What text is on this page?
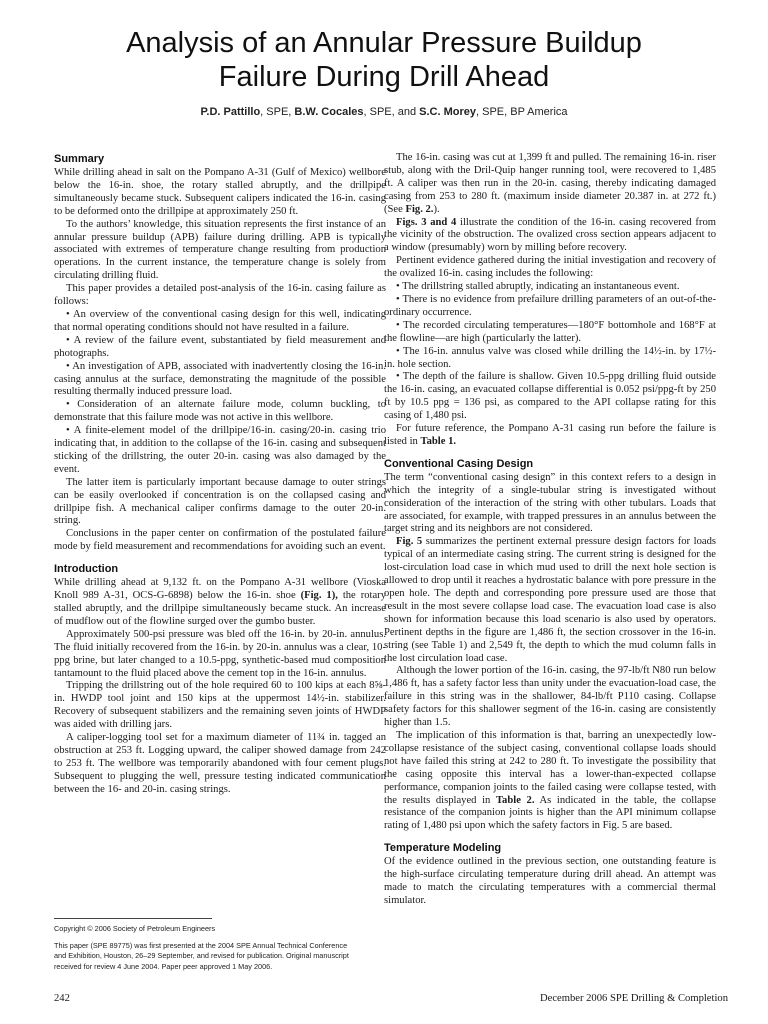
Analysis of an Annular Pressure Buildup
Failure During Drill Ahead
P.D. Pattillo, SPE, B.W. Cocales, SPE, and S.C. Morey, SPE, BP America
Summary

While drilling ahead in salt on the Pompano A-31 (Gulf of Mexico) wellbore below the 16-in. shoe, the rotary stalled abruptly, and the drillpipe simultaneously became stuck. Subsequent calipers indicated the 16-in. casing to be deformed onto the drillpipe at approximately 250 ft.

To the authors’ knowledge, this situation represents the first instance of an annular pressure buildup (APB) failure during drilling. APB is typically associated with extremes of temperature change resulting from production operations. In the current instance, the temperature change is solely from circulating drilling fluid.

This paper provides a detailed post-analysis of the 16-in. casing failure as follows:

• An overview of the conventional casing design for this well, indicating that normal operating conditions should not have resulted in a failure.

• A review of the failure event, substantiated by field measurement and photographs.

• An investigation of APB, associated with inadvertently closing the 16-in. casing annulus at the surface, demonstrating the magnitude of the possible resulting thermally induced pressure load.

• Consideration of an alternate failure mode, column buckling, to demonstrate that this failure mode was not active in this wellbore.

• A finite-element model of the drillpipe/16-in. casing/20-in. casing trio indicating that, in addition to the collapse of the 16-in. casing and subsequent sticking of the drillstring, the outer 20-in. casing was also damaged by the event.

The latter item is particularly important because damage to outer strings can be easily overlooked if concentration is on the collapsed casing and drillpipe fish. A mechanical caliper confirms damage to the outer 20-in. string.

Conclusions in the paper center on confirmation of the postulated failure mode by field measurement and recommendations for avoiding such an event.

Introduction

While drilling ahead at 9,132 ft. on the Pompano A-31 wellbore (Vioska Knoll 989 A-31, OCS-G-6898) below the 16-in. shoe (Fig. 1), the rotary stalled abruptly, and the drillpipe simultaneously became stuck. An increase of mudflow out of the flowline surged over the gumbo buster.

Approximately 500-psi pressure was bled off the 16-in. by 20-in. annulus. The fluid initially recovered from the 16-in. by 20-in. annulus was a clear, 10-ppg brine, but later changed to a 10.5-ppg, synthetic-based mud composition tantamount to the fluid placed above the cement top in the 16-in. annulus.

Tripping the drillstring out of the hole required 60 to 100 kips at each 8⅝-in. HWDP tool joint and 150 kips at the uppermost 14½-in. stabilizer. Recovery of subsequent stabilizers and the remaining seven joints of HWDP was aided with drilling jars.

A caliper-logging tool set for a maximum diameter of 11¾ in. tagged an obstruction at 253 ft. Logging upward, the caliper showed damage from 242 to 253 ft. The wellbore was temporarily abandoned with four cement plugs. Subsequent to plugging the well, pressure testing indicated communication between the 16- and 20-in. casing strings.

The 16-in. casing was cut at 1,399 ft and pulled. The remaining 16-in. riser stub, along with the Dril-Quip hanger running tool, were recovered to 1,485 ft. A caliper was then run in the 20-in. casing, thereby indicating damaged casing from 253 to 280 ft. (maximum inside diameter 20.387 in. at 272 ft.) (See Fig. 2.).

Figs. 3 and 4 illustrate the condition of the 16-in. casing recovered from the vicinity of the obstruction. The ovalized cross section appears adjacent to a window (presumably) worn by milling before recovery.

Pertinent evidence gathered during the initial investigation and recovery of the ovalized 16-in. casing includes the following:

• The drillstring stalled abruptly, indicating an instantaneous event.

• There is no evidence from prefailure drilling parameters of an out-of-the-ordinary occurrence.

• The recorded circulating temperatures—180°F bottomhole and 168°F at the flowline—are high (particularly the latter).

• The 16-in. annulus valve was closed while drilling the 14½-in. by 17½-in. hole section.

• The depth of the failure is shallow. Given 10.5-ppg drilling fluid outside the 16-in. casing, an evacuated collapse differential is 0.052 psi/ppg-ft by 250 ft by 10.5 ppg = 136 psi, as compared to the API collapse rating for this casing of 1,480 psi.

For future reference, the Pompano A-31 casing run before the failure is listed in Table 1.

Conventional Casing Design

The term “conventional casing design” in this context refers to a design in which the integrity of a single-tubular string is investigated without consideration of the interaction of the string with other tubulars. Loads that are associated, for example, with trapped pressures in an annulus between the target string and its neighbors are not considered.

Fig. 5 summarizes the pertinent external pressure design factors for loads typical of an intermediate casing string. The current string is designed for the lost-circulation load case in which mud used to drill the next hole section is allowed to drop until it reaches a hydrostatic balance with pore pressure in the open hole. The depth and corresponding pore pressure used are those that result in the most severe collapse load case. The evacuation load case is also shown for information because this load scenario is also used by operators. Pertinent depths in the figure are 1,486 ft, the section crossover in the 16-in. string (see Table 1) and 2,549 ft, the depth to which the mud column falls in the lost circulation load case.

Although the lower portion of the 16-in. casing, the 97-lb/ft N80 run below 1,486 ft, has a safety factor less than unity under the evacuation-load case, the failure in this string was in the shallower, 84-lb/ft P110 casing. Collapse safety factors for this shallower segment of the 16-in. casing are consistently higher than 1.5.

The implication of this information is that, barring an unexpectedly low-collapse resistance of the subject casing, conventional collapse loads should not have failed this string at 242 to 280 ft. To investigate the possibility that the casing opposite this interval has a lower-than-expected collapse performance, companion joints to the failed casing were collapse tested, with the results displayed in Table 2. As indicated in the table, the collapse resistance of the companion joints is higher than the API minimum collapse rating of 1,480 psi upon which the safety factors in Fig. 5 are based.

Temperature Modeling

Of the evidence outlined in the previous section, one outstanding feature is the high-surface circulating temperature during drill ahead. An attempt was made to match the circulating temperatures with a commercial thermal simulator.

Copyright © 2006 Society of Petroleum Engineers

This paper (SPE 89775) was first presented at the 2004 SPE Annual Technical Conference and Exhibition, Houston, 26–29 September, and revised for publication. Original manuscript received for review 4 June 2004. Paper peer approved 1 May 2006.

242	December 2006 SPE Drilling & Completion
